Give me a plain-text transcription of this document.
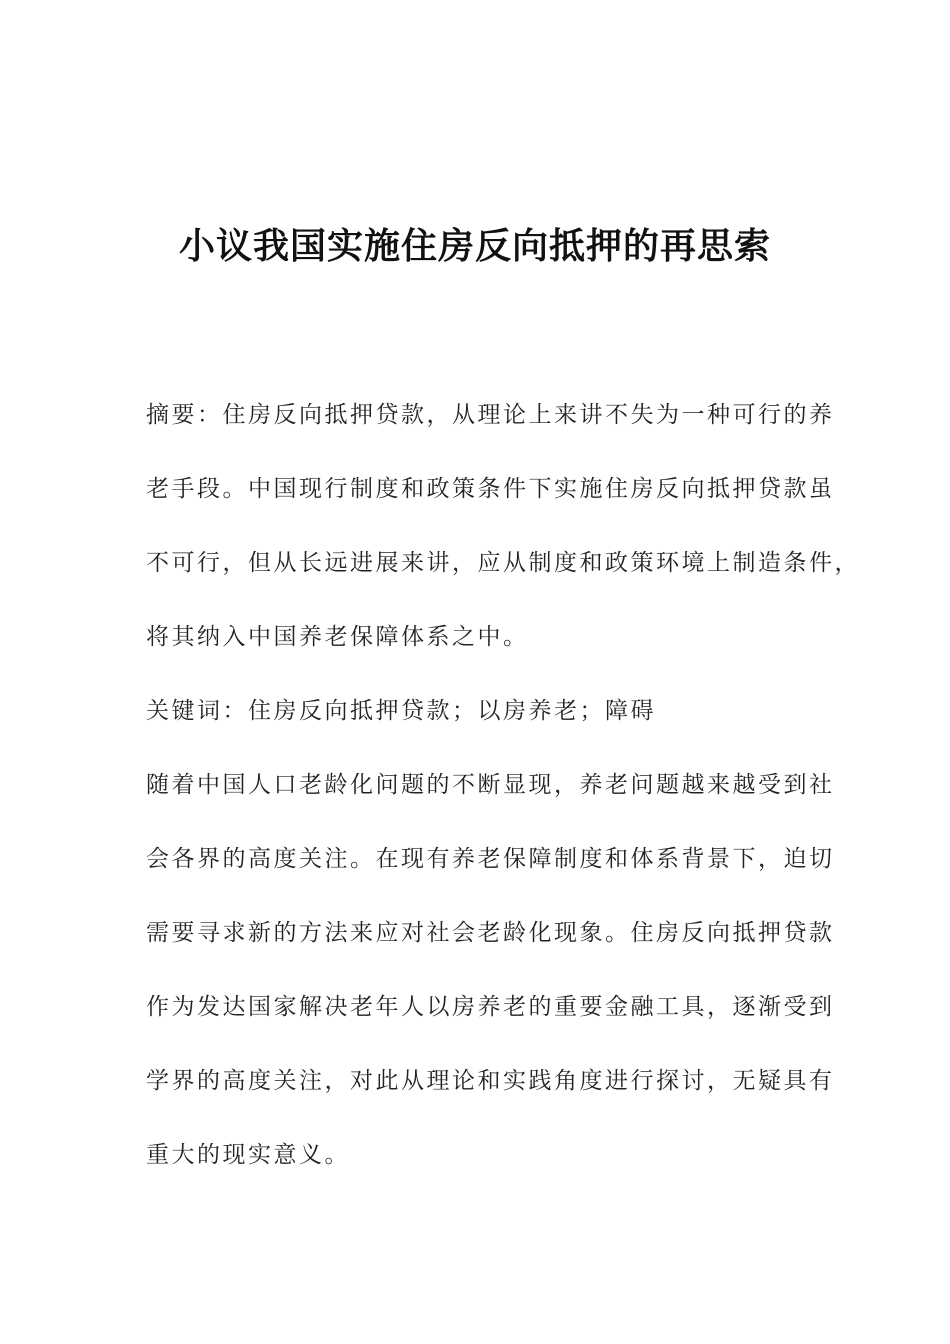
小议我国实施住房反向抵押的再思索
摘要：住房反向抵押贷款，从理论上来讲不失为一种可行的养
老手段。中国现行制度和政策条件下实施住房反向抵押贷款虽
不可行，但从长远进展来讲，应从制度和政策环境上制造条件，
将其纳入中国养老保障体系之中。
关键词：住房反向抵押贷款；以房养老；障碍
随着中国人口老龄化问题的不断显现，养老问题越来越受到社
会各界的高度关注。在现有养老保障制度和体系背景下，迫切
需要寻求新的方法来应对社会老龄化现象。住房反向抵押贷款
作为发达国家解决老年人以房养老的重要金融工具，逐渐受到
学界的高度关注，对此从理论和实践角度进行探讨，无疑具有
重大的现实意义。
